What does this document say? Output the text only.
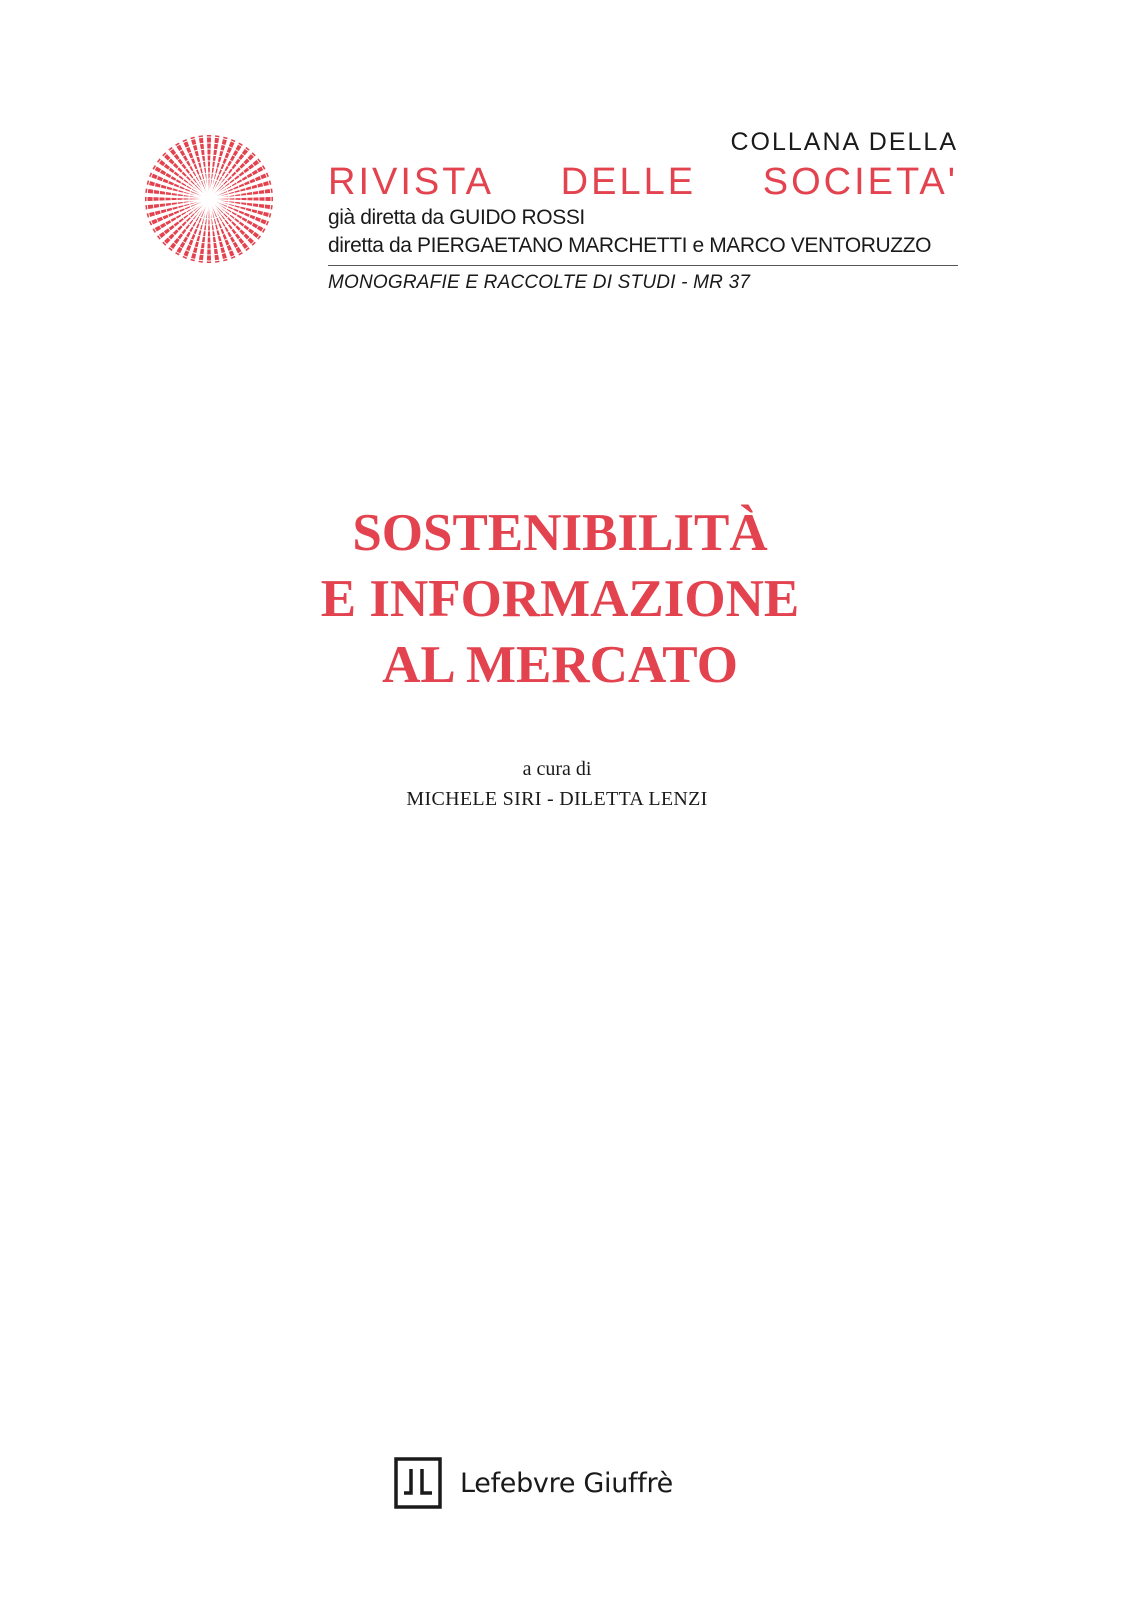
COLLANA DELLA
RIVISTA DELLE SOCIETA'
già diretta da GUIDO ROSSI
diretta da PIERGAETANO MARCHETTI e MARCO VENTORUZZO
MONOGRAFIE E RACCOLTE DI STUDI - MR 37
SOSTENIBILITÀ
E INFORMAZIONE
AL MERCATO
a cura di
MICHELE SIRI - DILETTA LENZI
Lefebvre Giuffrè
